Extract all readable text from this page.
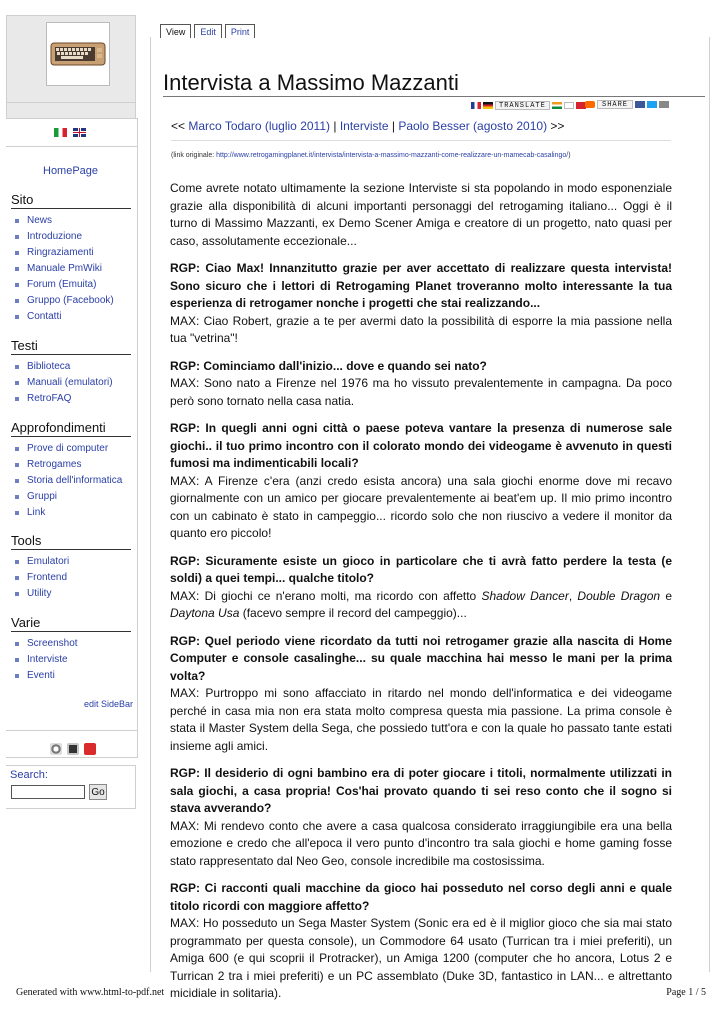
HomePage
Sito
News
Introduzione
Ringraziamenti
Manuale PmWiki
Forum (Emuita)
Gruppo (Facebook)
Contatti
Testi
Biblioteca
Manuali (emulatori)
RetroFAQ
Approfondimenti
Prove di computer
Retrogames
Storia dell'informatica
Gruppi
Link
Tools
Emulatori
Frontend
Utility
Varie
Screenshot
Interviste
Eventi
edit SideBar
Search:
Go
View	Edit	Print
Intervista a Massimo Mazzanti
TRANSLATE	SHARE
<< Marco Todaro (luglio 2011) | Interviste | Paolo Besser (agosto 2010) >>
(link originale: http://www.retrogamingplanet.it/intervista/intervista-a-massimo-mazzanti-come-realizzare-un-mamecab-casalingo/)

Come avrete notato ultimamente la sezione Interviste si sta popolando in modo esponenziale grazie alla disponibilità di alcuni importanti personaggi del retrogaming italiano... Oggi è il turno di Massimo Mazzanti, ex Demo Scener Amiga e creatore di un progetto, nato quasi per caso, assolutamente eccezionale...

RGP: Ciao Max! Innanzitutto grazie per aver accettato di realizzare questa intervista! Sono sicuro che i lettori di Retrogaming Planet troveranno molto interessante la tua esperienza di retrogamer nonche i progetti che stai realizzando...
MAX: Ciao Robert, grazie a te per avermi dato la possibilità di esporre la mia passione nella tua "vetrina"!

RGP: Cominciamo dall'inizio... dove e quando sei nato?
MAX: Sono nato a Firenze nel 1976 ma ho vissuto prevalentemente in campagna. Da poco però sono tornato nella casa natia.

RGP: In quegli anni ogni città o paese poteva vantare la presenza di numerose sale giochi.. il tuo primo incontro con il colorato mondo dei videogame è avvenuto in questi fumosi ma indimenticabili locali?
MAX: A Firenze c'era (anzi credo esista ancora) una sala giochi enorme dove mi recavo giornalmente con un amico per giocare prevalentemente ai beat'em up. Il mio primo incontro con un cabinato è stato in campeggio... ricordo solo che non riuscivo a vedere il monitor da quanto ero piccolo!

RGP: Sicuramente esiste un gioco in particolare che ti avrà fatto perdere la testa (e soldi) a quei tempi... qualche titolo?
MAX: Di giochi ce n'erano molti, ma ricordo con affetto Shadow Dancer, Double Dragon e Daytona Usa (facevo sempre il record del campeggio)...

RGP: Quel periodo viene ricordato da tutti noi retrogamer grazie alla nascita di Home Computer e console casalinghe... su quale macchina hai messo le mani per la prima volta?
MAX: Purtroppo mi sono affacciato in ritardo nel mondo dell'informatica e dei videogame perché in casa mia non era stata molto compresa questa mia passione. La prima console è stata il Master System della Sega, che possiedo tutt'ora e con la quale ho passato tante estati insieme agli amici.

RGP: Il desiderio di ogni bambino era di poter giocare i titoli, normalmente utilizzati in sala giochi, a casa propria! Cos'hai provato quando ti sei reso conto che il sogno si stava avverando?
MAX: Mi rendevo conto che avere a casa qualcosa considerato irraggiungibile era una bella emozione e credo che all'epoca il vero punto d'incontro tra sala giochi e home gaming fosse stato rappresentato dal Neo Geo, console incredibile ma costosissima.

RGP: Ci racconti quali macchine da gioco hai posseduto nel corso degli anni e quale titolo ricordi con maggiore affetto?
MAX: Ho posseduto un Sega Master System (Sonic era ed è il miglior gioco che sia mai stato programmato per questa console), un Commodore 64 usato (Turrican tra i miei preferiti), un Amiga 600 (e qui scoprii il Protracker), un Amiga 1200 (computer che ho ancora, Lotus 2 e Turrican 2 tra i miei preferiti) e un PC assemblato (Duke 3D, fantastico in LAN... e altrettanto micidiale in solitaria).

Generated with www.html-to-pdf.net	Page 1 / 5
